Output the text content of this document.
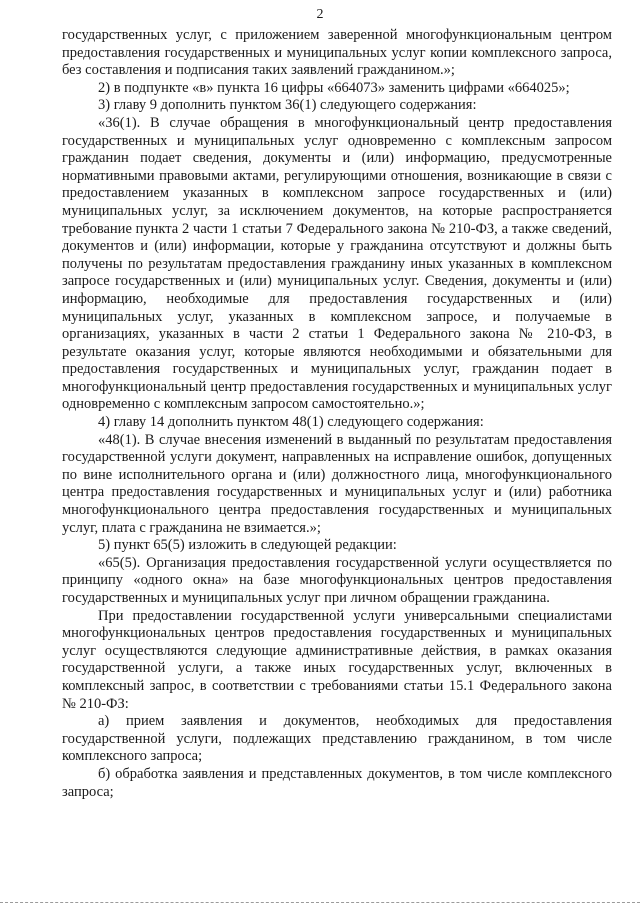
2

государственных услуг, с приложением заверенной многофункциональным центром предоставления государственных и муниципальных услуг копии комплексного запроса, без составления и подписания таких заявлений гражданином.»;

2) в подпункте «в» пункта 16 цифры «664073» заменить цифрами «664025»;

3) главу 9 дополнить пунктом 36(1) следующего содержания:

«36(1). В случае обращения в многофункциональный центр предоставления государственных и муниципальных услуг одновременно с комплексным запросом гражданин подает сведения, документы и (или) информацию, предусмотренные нормативными правовыми актами, регулирующими отношения, возникающие в связи с предоставлением указанных в комплексном запросе государственных и (или) муниципальных услуг, за исключением документов, на которые распространяется требование пункта 2 части 1 статьи 7 Федерального закона № 210-ФЗ, а также сведений, документов и (или) информации, которые у гражданина отсутствуют и должны быть получены по результатам предоставления гражданину иных указанных в комплексном запросе государственных и (или) муниципальных услуг. Сведения, документы и (или) информацию, необходимые для предоставления государственных и (или) муниципальных услуг, указанных в комплексном запросе, и получаемые в организациях, указанных в части 2 статьи 1 Федерального закона № 210-ФЗ, в результате оказания услуг, которые являются необходимыми и обязательными для предоставления государственных и муниципальных услуг, гражданин подает в многофункциональный центр предоставления государственных и муниципальных услуг одновременно с комплексным запросом самостоятельно.»;

4) главу 14 дополнить пунктом 48(1) следующего содержания:

«48(1). В случае внесения изменений в выданный по результатам предоставления государственной услуги документ, направленных на исправление ошибок, допущенных по вине исполнительного органа и (или) должностного лица, многофункционального центра предоставления государственных и муниципальных услуг и (или) работника многофункционального центра предоставления государственных и муниципальных услуг, плата с гражданина не взимается.»;

5) пункт 65(5) изложить в следующей редакции:

«65(5). Организация предоставления государственной услуги осуществляется по принципу «одного окна» на базе многофункциональных центров предоставления государственных и муниципальных услуг при личном обращении гражданина.

При предоставлении государственной услуги универсальными специалистами многофункциональных центров предоставления государственных и муниципальных услуг осуществляются следующие административные действия, в рамках оказания государственной услуги, а также иных государственных услуг, включенных в комплексный запрос, в соответствии с требованиями статьи 15.1 Федерального закона № 210-ФЗ:

а) прием заявления и документов, необходимых для предоставления государственной услуги, подлежащих представлению гражданином, в том числе комплексного запроса;

б) обработка заявления и представленных документов, в том числе комплексного запроса;
